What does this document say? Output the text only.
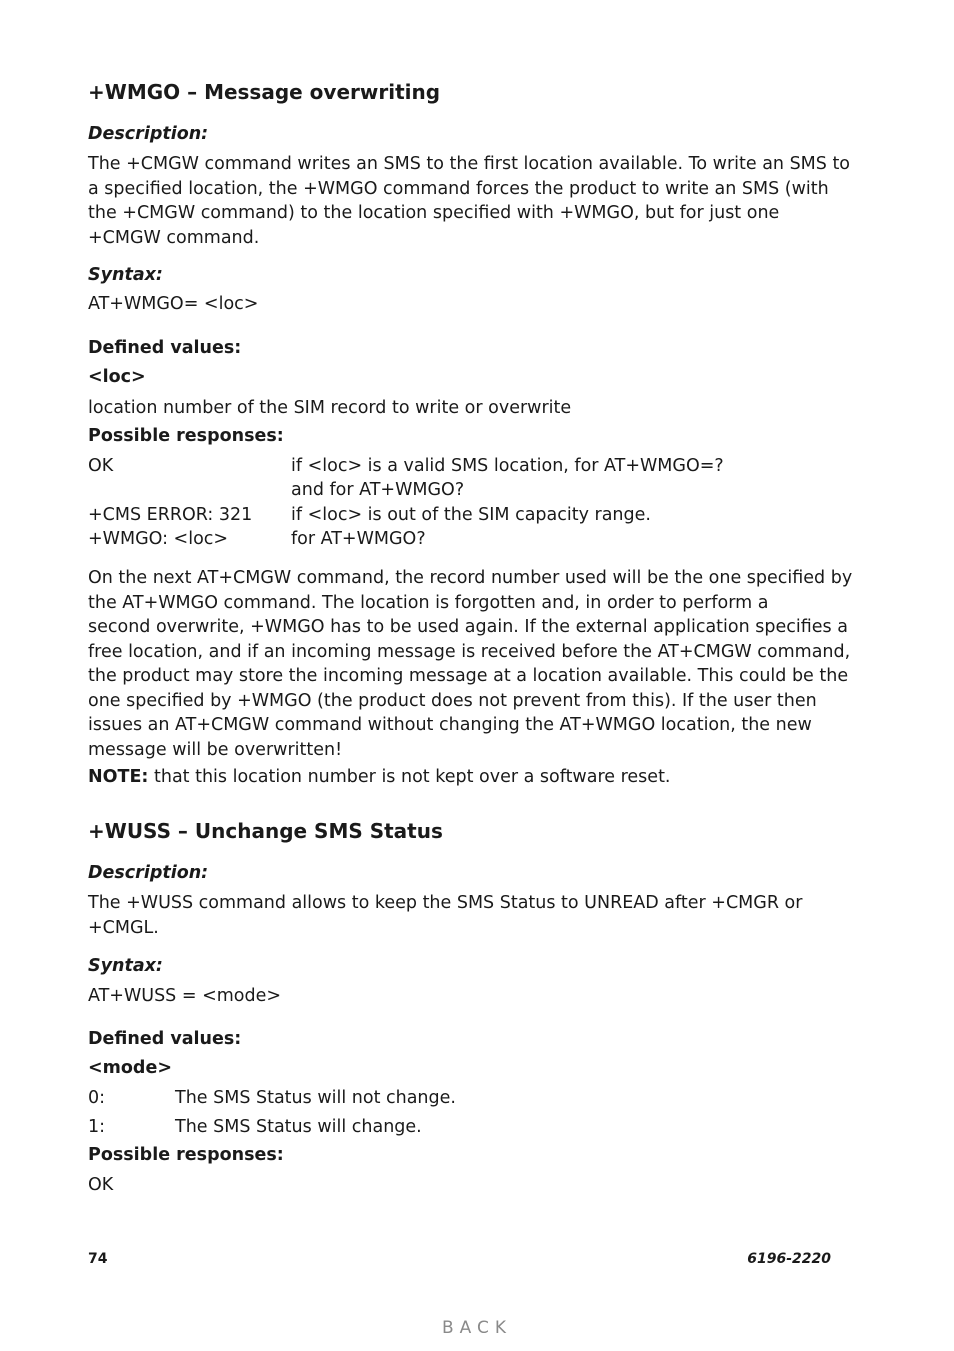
+WMGO – Message overwriting
Description:
The +CMGW command writes an SMS to the first location available. To write an SMS to
a specified location, the +WMGO command forces the product to write an SMS (with
the +CMGW command) to the location specified with +WMGO, but for just one
+CMGW command.
Syntax:
AT+WMGO= <loc>
Defined values:
<loc>
location number of the SIM record to write or overwrite
Possible responses:
OK	if <loc> is a valid SMS location, for AT+WMGO=?
and for AT+WMGO?
+CMS ERROR: 321 if <loc> is out of the SIM capacity range.
+WMGO: <loc>	for AT+WMGO?
On the next AT+CMGW command, the record number used will be the one specified by
the AT+WMGO command. The location is forgotten and, in order to perform a
second overwrite, +WMGO has to be used again. If the external application specifies a
free location, and if an incoming message is received before the AT+CMGW command,
the product may store the incoming message at a location available. This could be the
one specified by +WMGO (the product does not prevent from this). If the user then
issues an AT+CMGW command without changing the AT+WMGO location, the new
message will be overwritten!
NOTE: that this location number is not kept over a software reset.
+WUSS – Unchange SMS Status
Description:
The +WUSS command allows to keep the SMS Status to UNREAD after +CMGR or
+CMGL.
Syntax:
AT+WUSS = <mode>
Defined values:
<mode>
0:	The SMS Status will not change.
1:	The SMS Status will change.
Possible responses:
OK
74	6196-2220
BACK
